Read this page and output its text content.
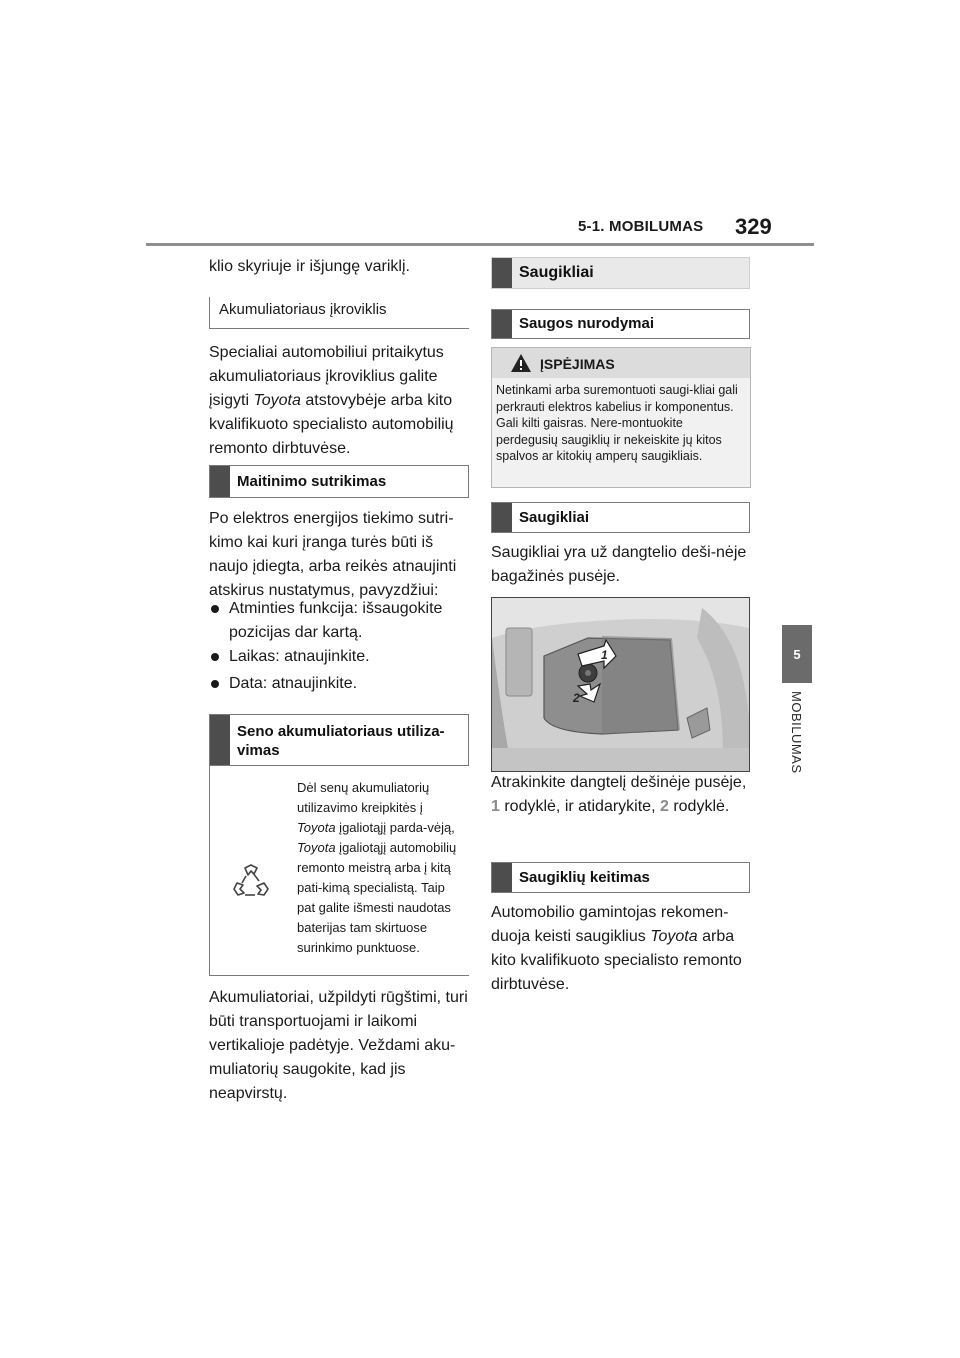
5-1. MOBILUMAS 329
5
MOBILUMAS
klio skyriuje ir išjungę variklį.
Akumuliatoriaus įkroviklis
Specialiai automobiliui pritaikytus akumuliatoriaus įkroviklius galite įsigyti Toyota atstovybėje arba kito kvalifikuoto specialisto automobilių remonto dirbtuvėse.
Maitinimo sutrikimas
Po elektros energijos tiekimo sutri-kimo kai kuri įranga turės būti iš naujo įdiegta, arba reikės atnaujinti atskirus nustatymus, pavyzdžiui:
Atminties funkcija: išsaugokite pozicijas dar kartą.
Laikas: atnaujinkite.
Data: atnaujinkite.
Seno akumuliatoriaus utiliza-vimas
Dėl senų akumuliatorių utilizavimo kreipkitės į Toyota įgaliotąjį parda-vėją, Toyota įgaliotąjį automobilių remonto meistrą arba į kitą pati-kimą specialistą. Taip pat galite išmesti naudotas baterijas tam skirtuose surinkimo punktuose.
Akumuliatoriai, užpildyti rūgštimi, turi būti transportuojami ir laikomi vertikalioje padėtyje. Veždami aku-muliatorių saugokite, kad jis neapvirstų.
Saugikliai
Saugos nurodymai
ĮSPĖJIMAS
Netinkami arba suremontuoti saugi-kliai gali perkrauti elektros kabelius ir komponentus. Gali kilti gaisras. Nere-montuokite perdegusių saugiklių ir nekeiskite jų kitos spalvos ar kitokių amperų saugikliais.
Saugikliai
Saugikliai yra už dangtelio deši-nėje bagažinės pusėje.
1
2
Atrakinkite dangtelį dešinėje pusėje, 1 rodyklė, ir atidarykite, 2 rodyklė.
Saugiklių keitimas
Automobilio gamintojas rekomen-duoja keisti saugiklius Toyota arba kito kvalifikuoto specialisto remonto dirbtuvėse.
